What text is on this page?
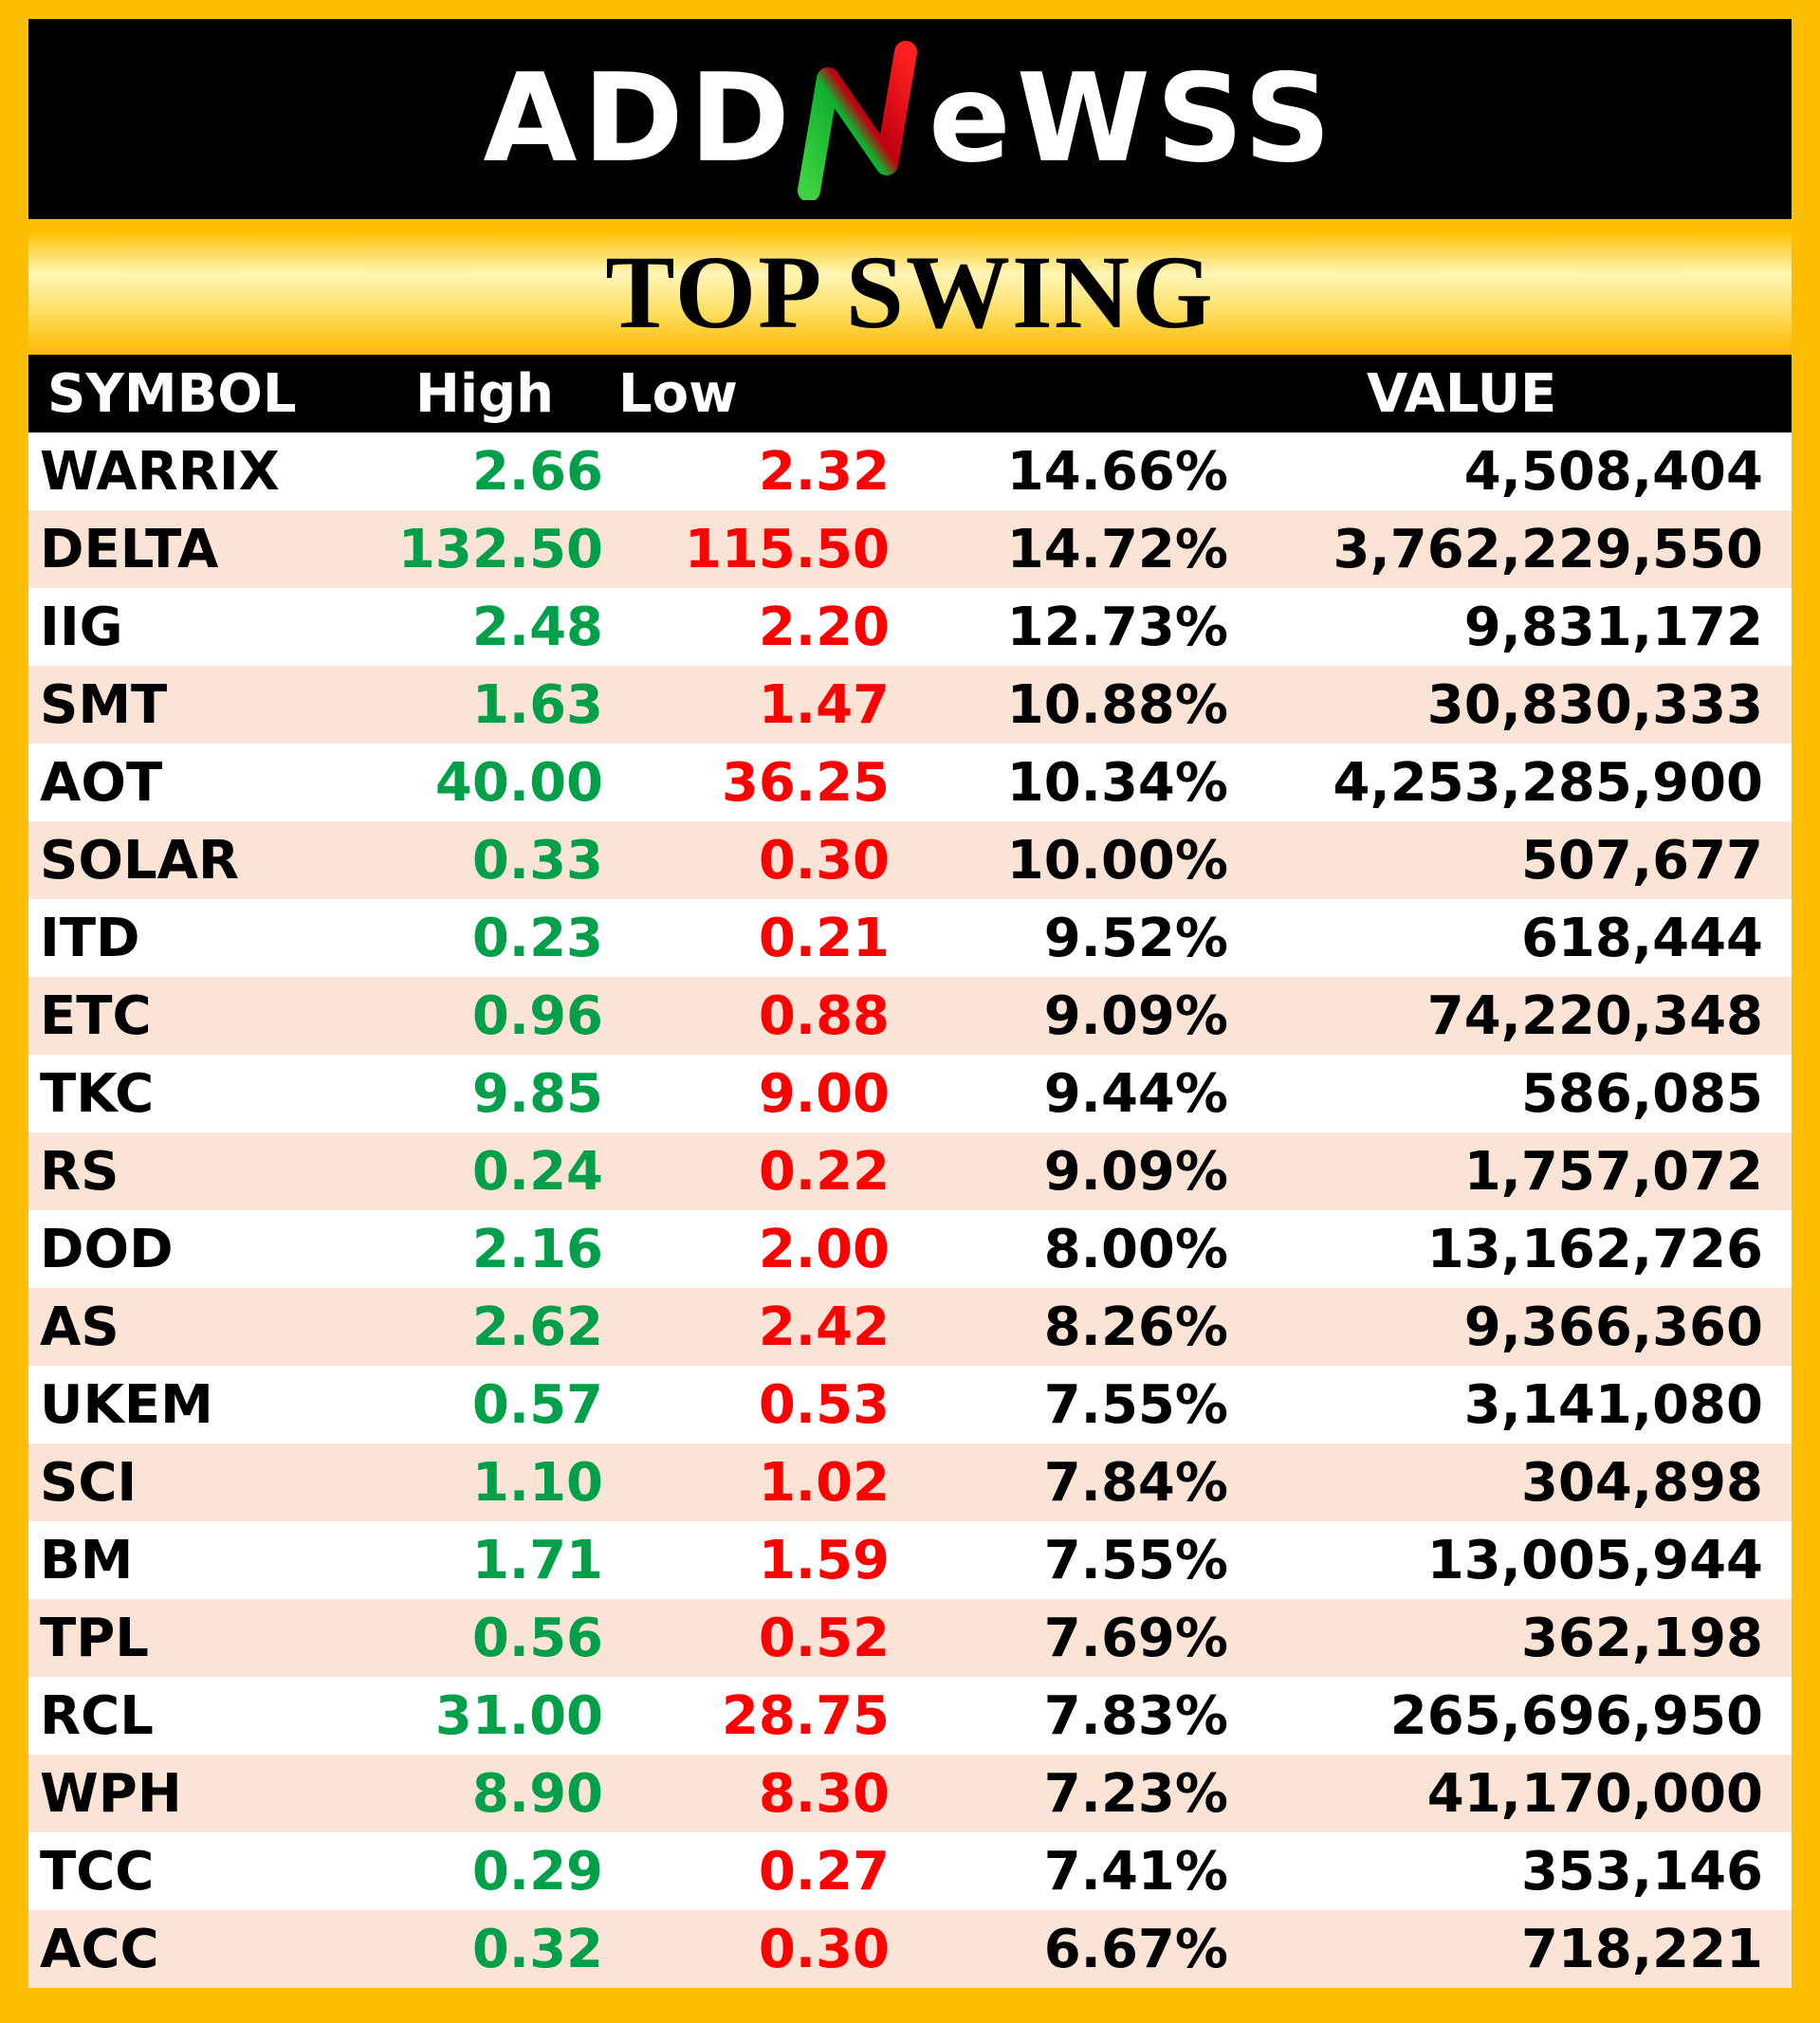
ADD eWSS
TOP SWING
SYMBOL	High	Low		VALUE
WARRIX	2.66	2.32	14.66%	4,508,404
DELTA	132.50	115.50	14.72%	3,762,229,550
IIG	2.48	2.20	12.73%	9,831,172
SMT	1.63	1.47	10.88%	30,830,333
AOT	40.00	36.25	10.34%	4,253,285,900
SOLAR	0.33	0.30	10.00%	507,677
ITD	0.23	0.21	9.52%	618,444
ETC	0.96	0.88	9.09%	74,220,348
TKC	9.85	9.00	9.44%	586,085
RS	0.24	0.22	9.09%	1,757,072
DOD	2.16	2.00	8.00%	13,162,726
AS	2.62	2.42	8.26%	9,366,360
UKEM	0.57	0.53	7.55%	3,141,080
SCI	1.10	1.02	7.84%	304,898
BM	1.71	1.59	7.55%	13,005,944
TPL	0.56	0.52	7.69%	362,198
RCL	31.00	28.75	7.83%	265,696,950
WPH	8.90	8.30	7.23%	41,170,000
TCC	0.29	0.27	7.41%	353,146
ACC	0.32	0.30	6.67%	718,221
